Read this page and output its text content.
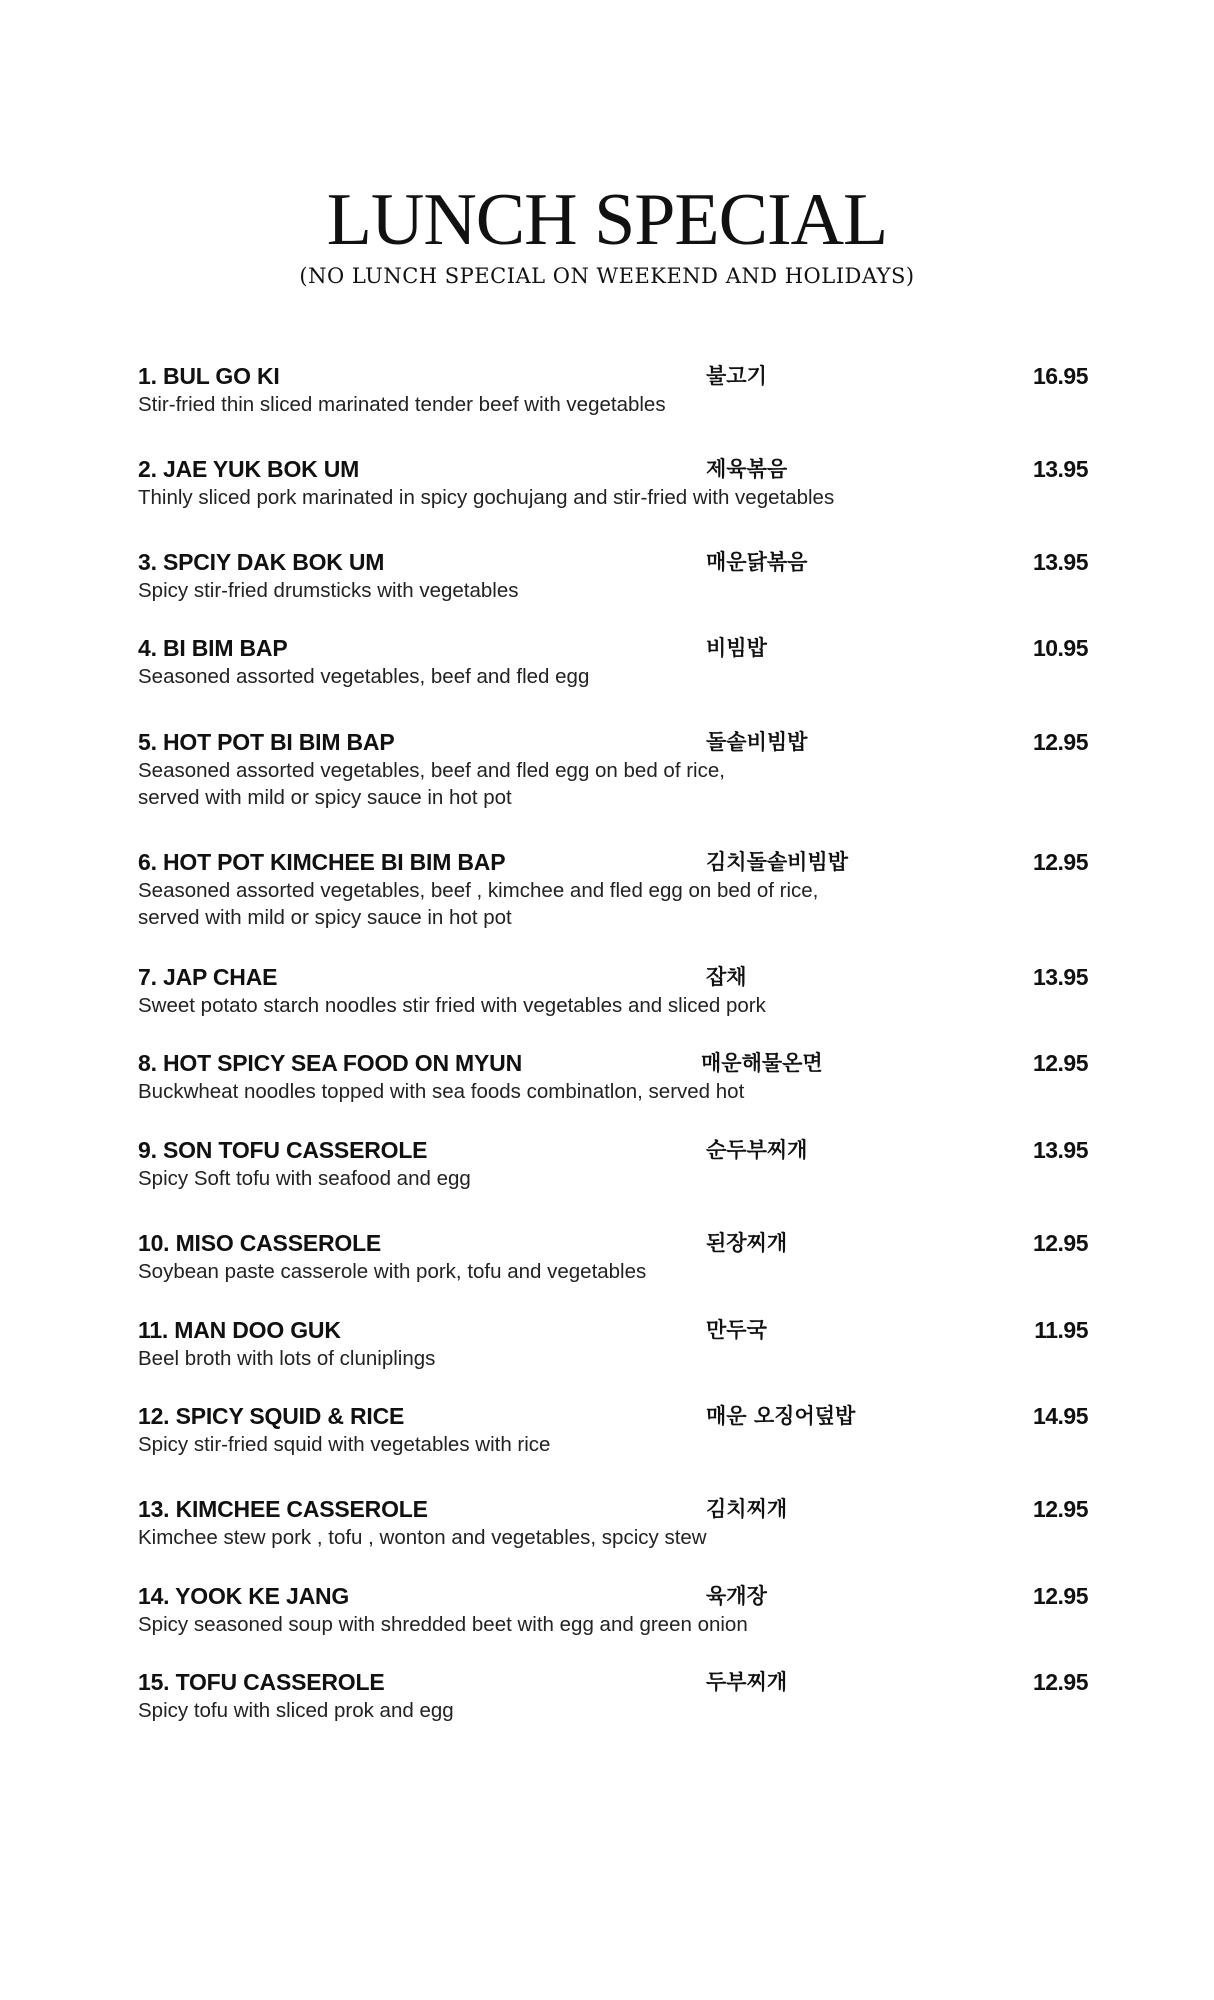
LUNCH SPECIAL

(NO LUNCH SPECIAL ON WEEKEND AND HOLIDAYS)

1. BUL GO KI	불고기	16.95
Stir-fried thin sliced marinated tender beef with vegetables
2. JAE YUK BOK UM	제육볶음	13.95
Thinly sliced pork marinated in spicy gochujang and stir-fried with vegetables
3. SPCIY DAK BOK UM	매운닭볶음	13.95
Spicy stir-fried drumsticks with vegetables
4. BI BIM BAP	비빔밥	10.95
Seasoned assorted vegetables, beef and fled egg
5. HOT POT BI BIM BAP	돌솥비빔밥	12.95
Seasoned assorted vegetables, beef and fled egg on bed of rice,
served with mild or spicy sauce in hot pot
6. HOT POT KIMCHEE BI BIM BAP	김치돌솥비빔밥	12.95
Seasoned assorted vegetables, beef , kimchee and fled egg on bed of rice,
served with mild or spicy sauce in hot pot
7. JAP CHAE	잡채	13.95
Sweet potato starch noodles stir fried with vegetables and sliced pork
8. HOT SPICY SEA FOOD ON MYUN	매운해물온면	12.95
Buckwheat noodles topped with sea foods combinatlon, served hot
9. SON TOFU CASSEROLE	순두부찌개	13.95
Spicy Soft tofu with seafood and egg
10. MISO CASSEROLE	된장찌개	12.95
Soybean paste casserole with pork, tofu and vegetables
11. MAN DOO GUK	만두국	11.95
Beel broth with lots of cluniplings
12. SPICY SQUID & RICE	매운 오징어덮밥	14.95
Spicy stir-fried squid with vegetables with rice
13. KIMCHEE CASSEROLE	김치찌개	12.95
Kimchee stew pork , tofu , wonton and vegetables, spcicy stew
14. YOOK KE JANG	육개장	12.95
Spicy seasoned soup with shredded beet with egg and green onion
15. TOFU CASSEROLE	두부찌개	12.95
Spicy tofu with sliced prok and egg
